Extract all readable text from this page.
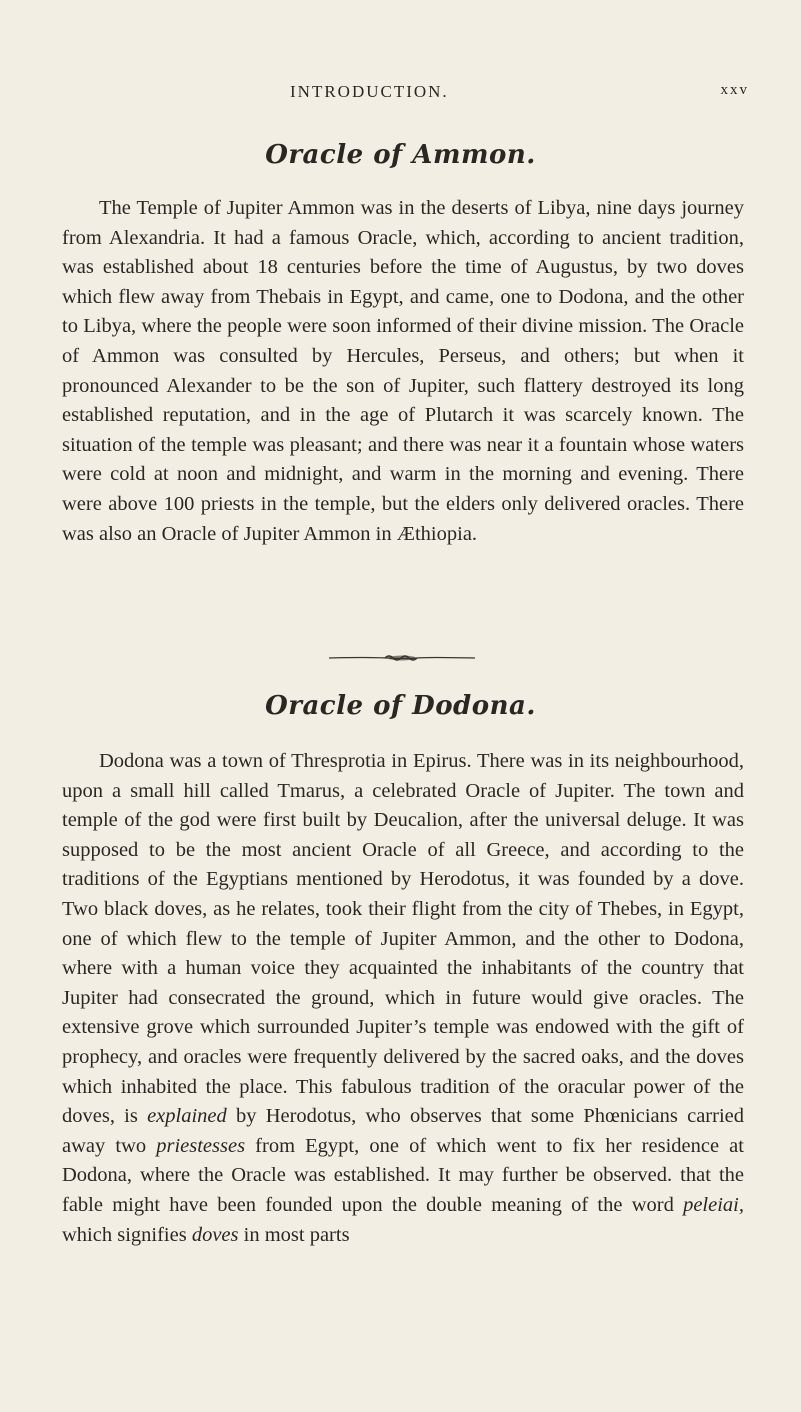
INTRODUCTION.	xxv
Oracle of Ammon.

The Temple of Jupiter Ammon was in the deserts of Libya, nine days journey from Alexandria. It had a famous Oracle, which, according to ancient tradition, was established about 18 centuries before the time of Augustus, by two doves which flew away from Thebais in Egypt, and came, one to Dodona, and the other to Libya, where the people were soon informed of their divine mission. The Oracle of Ammon was consulted by Hercules, Perseus, and others; but when it pronounced Alexander to be the son of Jupiter, such flattery destroyed its long established reputation, and in the age of Plutarch it was scarcely known. The situation of the temple was pleasant; and there was near it a fountain whose waters were cold at noon and midnight, and warm in the morning and evening. There were above 100 priests in the temple, but the elders only delivered oracles. There was also an Oracle of Jupiter Ammon in Æthiopia.

Oracle of Dodona.

Dodona was a town of Thresprotia in Epirus. There was in its neighbourhood, upon a small hill called Tmarus, a celebrated Oracle of Jupiter. The town and temple of the god were first built by Deucalion, after the universal deluge. It was supposed to be the most ancient Oracle of all Greece, and according to the traditions of the Egyptians mentioned by Herodotus, it was founded by a dove. Two black doves, as he relates, took their flight from the city of Thebes, in Egypt, one of which flew to the temple of Jupiter Ammon, and the other to Dodona, where with a human voice they acquainted the inhabitants of the country that Jupiter had consecrated the ground, which in future would give oracles. The extensive grove which surrounded Jupiter’s temple was endowed with the gift of prophecy, and oracles were frequently delivered by the sacred oaks, and the doves which inhabited the place. This fabulous tradition of the oracular power of the doves, is explained by Herodotus, who observes that some Phœnicians carried away two priestesses from Egypt, one of which went to fix her residence at Dodona, where the Oracle was established. It may further be observed. that the fable might have been founded upon the double meaning of the word peleiai, which signifies doves in most parts
